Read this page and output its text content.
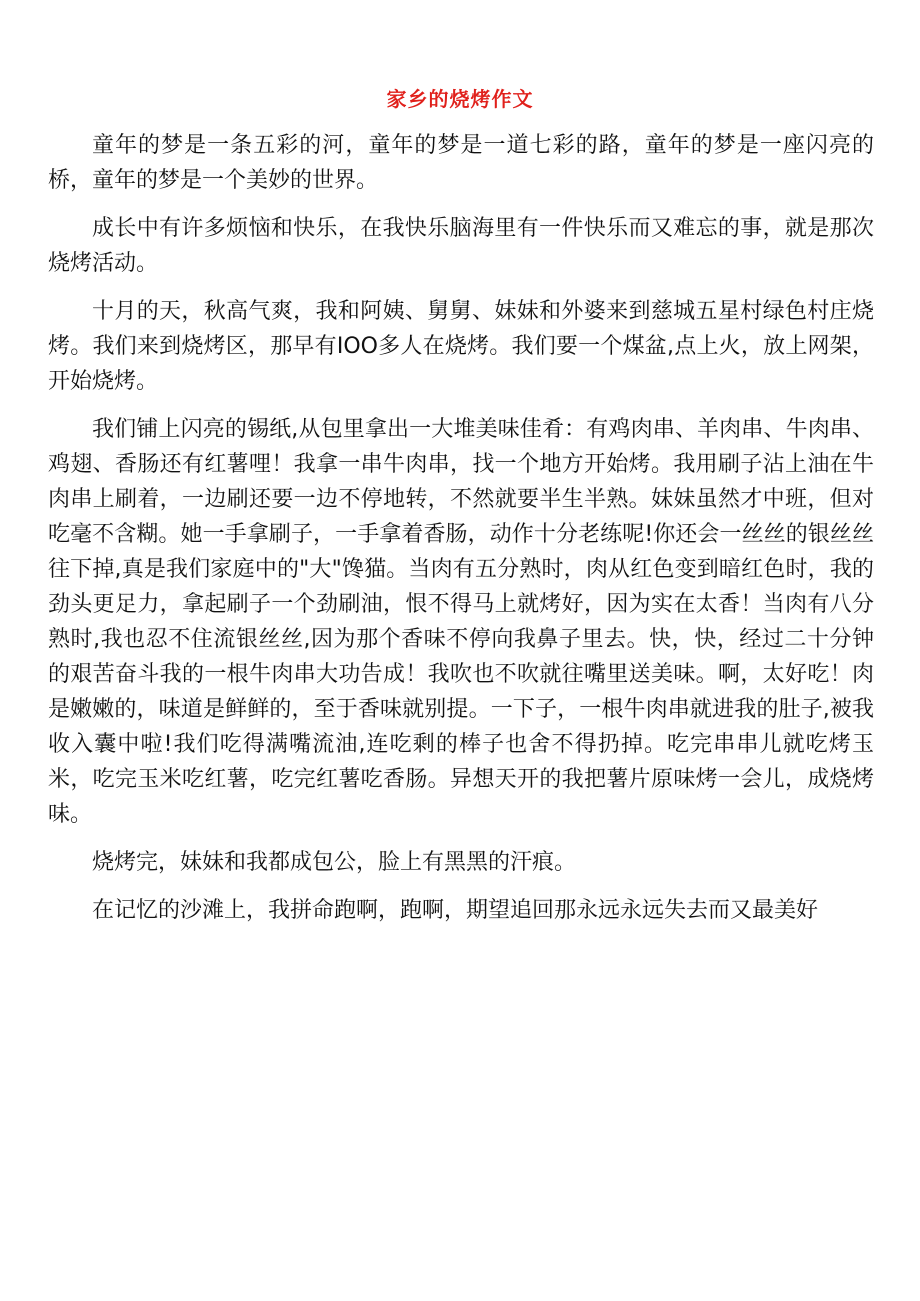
家乡的烧烤作文

童年的梦是一条五彩的河，童年的梦是一道七彩的路，童年的梦是一座闪亮的桥，童年的梦是一个美妙的世界。

成长中有许多烦恼和快乐，在我快乐脑海里有一件快乐而又难忘的事，就是那次烧烤活动。

十月的天，秋高气爽，我和阿姨、舅舅、妹妹和外婆来到慈城五星村绿色村庄烧烤。我们来到烧烤区，那早有IOO多人在烧烤。我们要一个煤盆,点上火，放上网架，开始烧烤。

我们铺上闪亮的锡纸,从包里拿出一大堆美味佳肴：有鸡肉串、羊肉串、牛肉串、鸡翅、香肠还有红薯哩！我拿一串牛肉串，找一个地方开始烤。我用刷子沾上油在牛肉串上刷着，一边刷还要一边不停地转，不然就要半生半熟。妹妹虽然才中班，但对吃毫不含糊。她一手拿刷子，一手拿着香肠，动作十分老练呢!你还会一丝丝的银丝丝往下掉,真是我们家庭中的"大"馋猫。当肉有五分熟时，肉从红色变到暗红色时，我的劲头更足力，拿起刷子一个劲刷油，恨不得马上就烤好，因为实在太香！当肉有八分熟时,我也忍不住流银丝丝,因为那个香味不停向我鼻子里去。快，快，经过二十分钟的艰苦奋斗我的一根牛肉串大功告成！我吹也不吹就往嘴里送美味。啊，太好吃！肉是嫩嫩的，味道是鲜鲜的，至于香味就别提。一下子，一根牛肉串就进我的肚子,被我收入囊中啦!我们吃得满嘴流油,连吃剩的棒子也舍不得扔掉。吃完串串儿就吃烤玉米，吃完玉米吃红薯，吃完红薯吃香肠。异想天开的我把薯片原味烤一会儿，成烧烤味。

烧烤完，妹妹和我都成包公，脸上有黑黑的汗痕。

在记忆的沙滩上，我拼命跑啊，跑啊，期望追回那永远永远失去而又最美好
